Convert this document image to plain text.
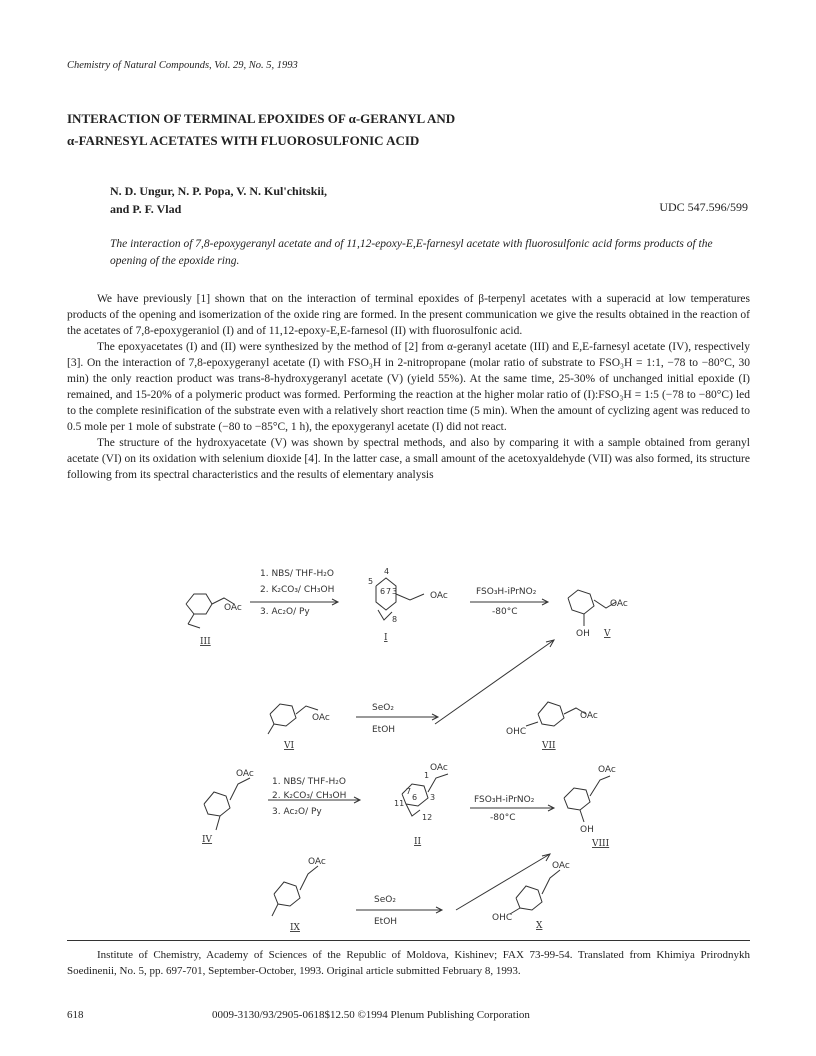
Chemistry of Natural Compounds, Vol. 29, No. 5, 1993
INTERACTION OF TERMINAL EPOXIDES OF α-GERANYL AND
α-FARNESYL ACETATES WITH FLUOROSULFONIC ACID
N. D. Ungur, N. P. Popa, V. N. Kul'chitskii,
and P. F. Vlad	UDC 547.596/599
The interaction of 7,8-epoxygeranyl acetate and of 11,12-epoxy-E,E-farnesyl acetate with fluorosulfonic acid forms products of the opening of the epoxide ring.

We have previously [1] shown that on the interaction of terminal epoxides of β-terpenyl acetates with a superacid at low temperatures products of the opening and isomerization of the oxide ring are formed. In the present communication we give the results obtained in the reaction of the acetates of 7,8-epoxygeraniol (I) and of 11,12-epoxy-E,E-farnesol (II) with fluorosulfonic acid.

The epoxyacetates (I) and (II) were synthesized by the method of [2] from α-geranyl acetate (III) and E,E-farnesyl acetate (IV), respectively [3]. On the interaction of 7,8-epoxygeranyl acetate (I) with FSO₃H in 2-nitropropane (molar ratio of substrate to FSO₃H = 1:1, −78 to −80°C, 30 min) the only reaction product was trans-8-hydroxygeranyl acetate (V) (yield 55%). At the same time, 25-30% of unchanged initial epoxide (I) remained, and 15-20% of a polymeric product was formed. Performing the reaction at the higher molar ratio of (I):FSO₃H = 1:5 (−78 to −80°C) led to the complete resinification of the substrate even with a relatively short reaction time (5 min). When the amount of cyclizing agent was reduced to 0.5 mole per 1 mole of substrate (−80 to −85°C, 1 h), the epoxygeranyl acetate (I) did not react.

The structure of the hydroxyacetate (V) was shown by spectral methods, and also by comparing it with a sample obtained from geranyl acetate (VI) on its oxidation with selenium dioxide [4]. In the latter case, a small amount of the acetoxyaldehyde (VII) was also formed, its structure following from its spectral characteristics and the results of elementary analysis

1. NBS/ THF-H₂O
2. K₂CO₃/ CH₃OH
3. Ac₂O/ Py
FSO₃H-iPrNO₂
-80°C
OAc
OAc
OAc
OH
4
5
6 7 3
8
III	I	V
OAc
SeO₂
EtOH
OAc
OHC
VI	VII
OAc
1. NBS/ THF-H₂O
2. K₂CO₃/ CH₃OH
3. Ac₂O/ Py
OAc
FSO₃H-iPrNO₂
-80°C
OAc
OH
1
7
6 3
11
12
IV	II	VIII
OAc
SeO₂
EtOH
OAc
OHC
IX	X
Institute of Chemistry, Academy of Sciences of the Republic of Moldova, Kishinev; FAX 73-99-54. Translated from Khimiya Prirodnykh Soedinenii, No. 5, pp. 697-701, September-October, 1993. Original article submitted February 8, 1993.
618	0009-3130/93/2905-0618$12.50 ©1994 Plenum Publishing Corporation
